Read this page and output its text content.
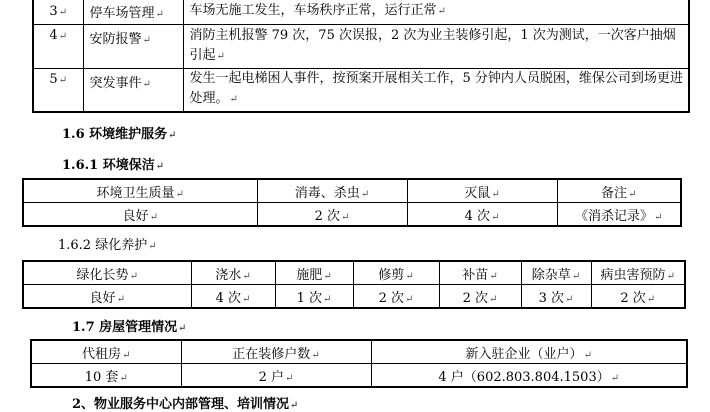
3↵	停车场管理↵	车场无施工发生，车场秩序正常，运行正常↵
4↵	安防报警↵	消防主机报警 79 次，75 次误报，2 次为业主装修引起，1 次为测试，一次客户抽烟引起↵
5↵	突发事件↵	发生一起电梯困人事件，按预案开展相关工作，5 分钟内人员脱困，维保公司到场更进处理。↵
1.6 环境维护服务↵
1.6.1 环境保洁↵
环境卫生质量↵	消毒、杀虫↵	灭鼠↵	备注↵
良好↵	2 次↵	4 次↵	《消杀记录》↵
1.6.2 绿化养护↵
绿化长势↵	浇水↵	施肥↵	修剪↵	补苗↵	除杂草↵	病虫害预防↵
良好↵	4 次↵	1 次↵	2 次↵	2 次↵	3 次↵	2 次↵
1.7 房屋管理情况↵
代租房↵	正在装修户数↵	新入驻企业（业户）↵
10 套↵	2 户↵	4 户（602.803.804.1503）↵
2、物业服务中心内部管理、培训情况↵
